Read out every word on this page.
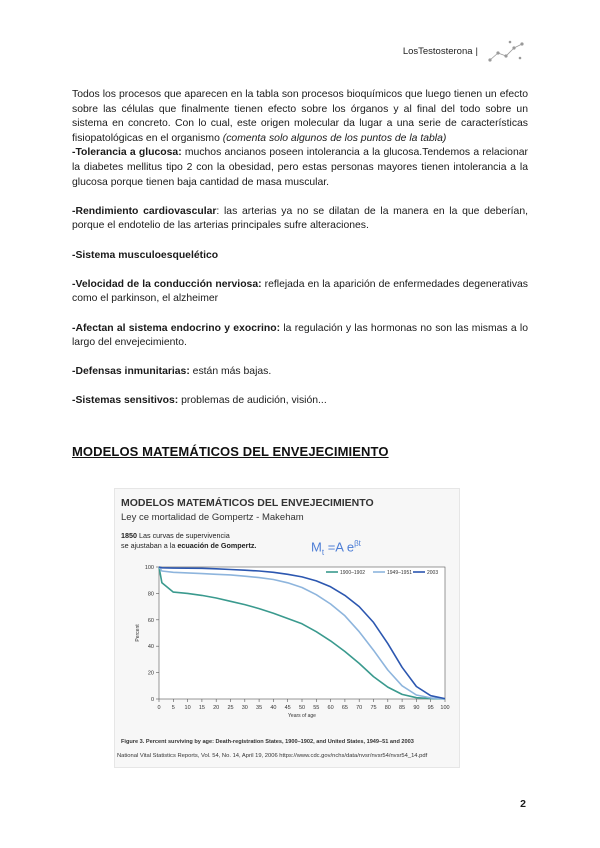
LosTestosterona |

Todos los procesos que aparecen en la tabla son procesos bioquímicos que luego tienen un efecto sobre las células que finalmente tienen efecto sobre los órganos y al final del todo sobre un sistema en concreto. Con lo cual, este origen molecular da lugar a una serie de características fisiopatológicas en el organismo (comenta solo algunos de los puntos de la tabla)

-Tolerancia a glucosa: muchos ancianos poseen intolerancia a la glucosa.Tendemos a relacionar la diabetes mellitus tipo 2 con la obesidad, pero estas personas mayores tienen intolerancia a la glucosa porque tienen baja cantidad de masa muscular.

-Rendimiento cardiovascular: las arterias ya no se dilatan de la manera en la que deberían, porque el endotelio de las arterias principales sufre alteraciones.

-Sistema musculoesquelético

-Velocidad de la conducción nerviosa: reflejada en la aparición de enfermedades degenerativas como el parkinson, el alzheimer

-Afectan al sistema endocrino y exocrino: la regulación y las hormonas no son las mismas a lo largo del envejecimiento.

-Defensas inmunitarias: están más bajas.

-Sistemas sensitivos: problemas de audición, visión...

MODELOS MATEMÁTICOS DEL ENVEJECIMIENTO
MODELOS MATEMÁTICOS DEL ENVEJECIMIENTO
Ley ce mortalidad de Gompertz - Makeham
1850 Las curvas de supervivencia
se ajustaban a la ecuación de Gompertz.	$M_t =A$ $e^{\beta t}$
0
20
40
60
80
100
0 5 10 15 20 25 30 35 40 45 50 55 60 65 70 75 80 85 90 95 100
Years of age
Percent
1900–1902	1949–1951	2003
Figure 3. Percent surviving by age: Death-registration States, 1900–1902, and United States, 1949–51 and 2003
National Vital Statistics Reports, Vol. 54, No. 14, April 19, 2006 https://www.cdc.gov/nchs/data/nvsr/nvsr54/nvsr54_14.pdf
2
